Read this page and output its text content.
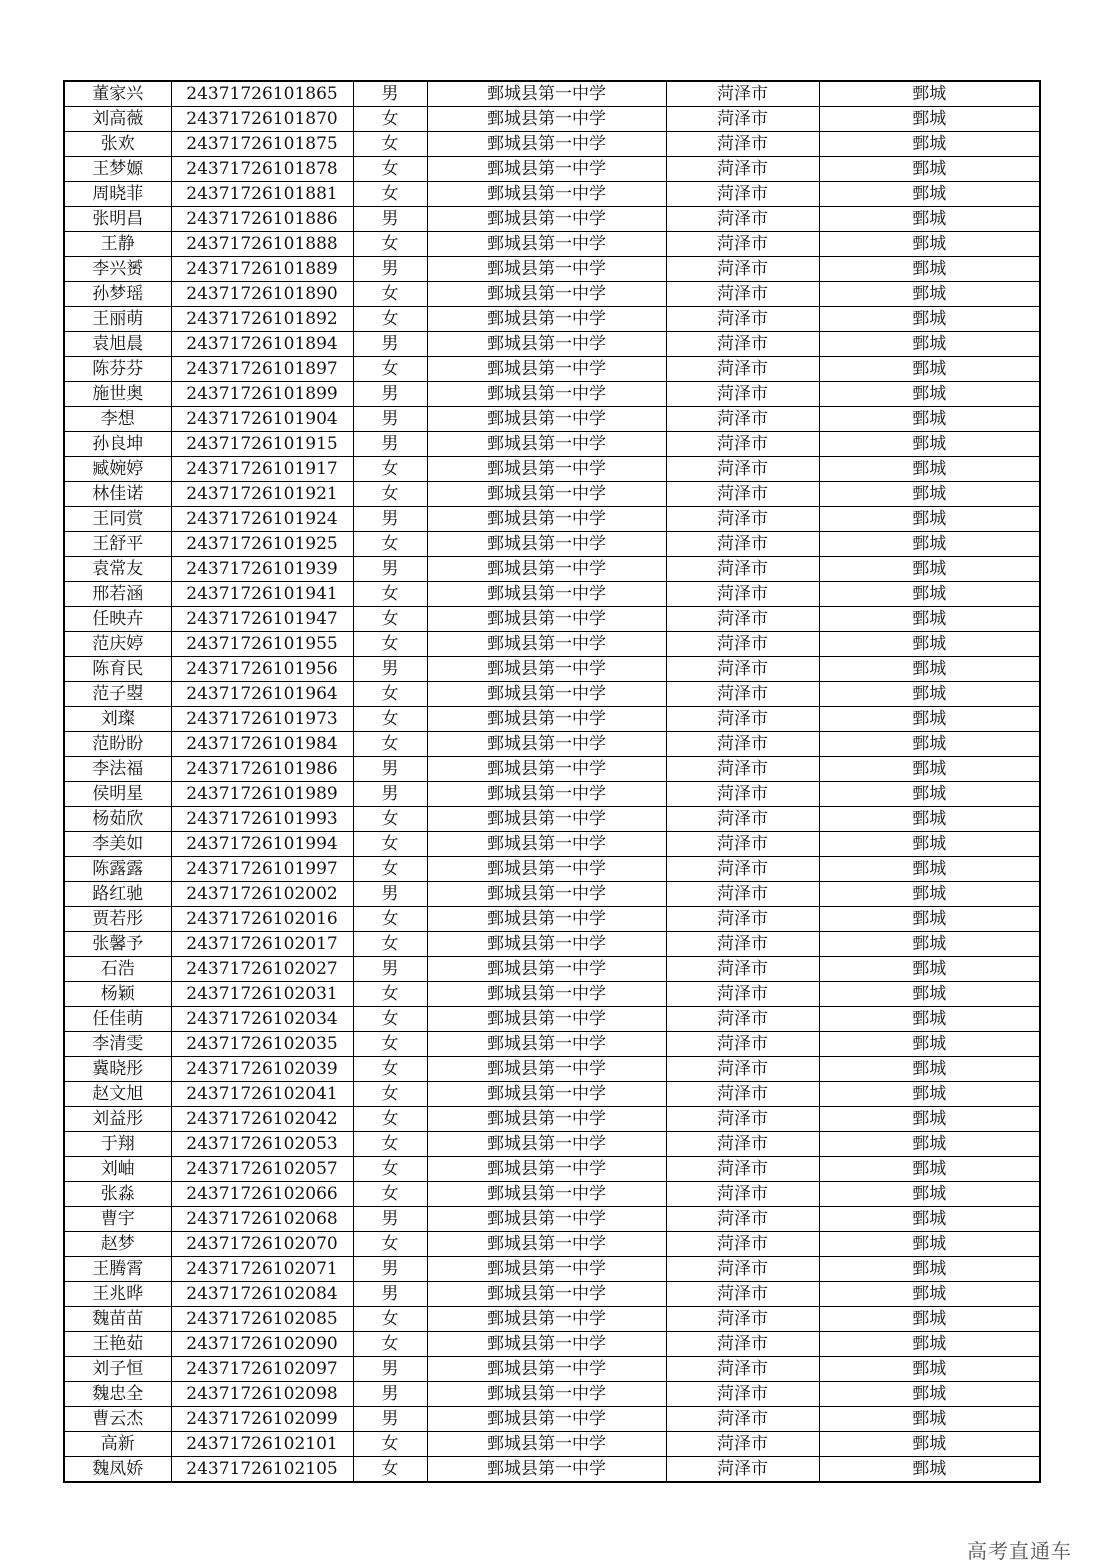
董家兴	24371726101865	男	鄄城县第一中学	菏泽市	鄄城
刘高薇	24371726101870	女	鄄城县第一中学	菏泽市	鄄城
张欢	24371726101875	女	鄄城县第一中学	菏泽市	鄄城
王梦嫄	24371726101878	女	鄄城县第一中学	菏泽市	鄄城
周晓菲	24371726101881	女	鄄城县第一中学	菏泽市	鄄城
张明昌	24371726101886	男	鄄城县第一中学	菏泽市	鄄城
王静	24371726101888	女	鄄城县第一中学	菏泽市	鄄城
李兴赟	24371726101889	男	鄄城县第一中学	菏泽市	鄄城
孙梦瑶	24371726101890	女	鄄城县第一中学	菏泽市	鄄城
王丽萌	24371726101892	女	鄄城县第一中学	菏泽市	鄄城
袁旭晨	24371726101894	男	鄄城县第一中学	菏泽市	鄄城
陈芬芬	24371726101897	女	鄄城县第一中学	菏泽市	鄄城
施世奥	24371726101899	男	鄄城县第一中学	菏泽市	鄄城
李想	24371726101904	男	鄄城县第一中学	菏泽市	鄄城
孙良坤	24371726101915	男	鄄城县第一中学	菏泽市	鄄城
臧婉婷	24371726101917	女	鄄城县第一中学	菏泽市	鄄城
林佳诺	24371726101921	女	鄄城县第一中学	菏泽市	鄄城
王同赏	24371726101924	男	鄄城县第一中学	菏泽市	鄄城
王舒平	24371726101925	女	鄄城县第一中学	菏泽市	鄄城
袁常友	24371726101939	男	鄄城县第一中学	菏泽市	鄄城
邢若涵	24371726101941	女	鄄城县第一中学	菏泽市	鄄城
任映卉	24371726101947	女	鄄城县第一中学	菏泽市	鄄城
范庆婷	24371726101955	女	鄄城县第一中学	菏泽市	鄄城
陈育民	24371726101956	男	鄄城县第一中学	菏泽市	鄄城
范子曌	24371726101964	女	鄄城县第一中学	菏泽市	鄄城
刘璨	24371726101973	女	鄄城县第一中学	菏泽市	鄄城
范盼盼	24371726101984	女	鄄城县第一中学	菏泽市	鄄城
李法福	24371726101986	男	鄄城县第一中学	菏泽市	鄄城
侯明星	24371726101989	男	鄄城县第一中学	菏泽市	鄄城
杨茹欣	24371726101993	女	鄄城县第一中学	菏泽市	鄄城
李美如	24371726101994	女	鄄城县第一中学	菏泽市	鄄城
陈露露	24371726101997	女	鄄城县第一中学	菏泽市	鄄城
路红驰	24371726102002	男	鄄城县第一中学	菏泽市	鄄城
贾若彤	24371726102016	女	鄄城县第一中学	菏泽市	鄄城
张馨予	24371726102017	女	鄄城县第一中学	菏泽市	鄄城
石浩	24371726102027	男	鄄城县第一中学	菏泽市	鄄城
杨颖	24371726102031	女	鄄城县第一中学	菏泽市	鄄城
任佳萌	24371726102034	女	鄄城县第一中学	菏泽市	鄄城
李清雯	24371726102035	女	鄄城县第一中学	菏泽市	鄄城
冀晓彤	24371726102039	女	鄄城县第一中学	菏泽市	鄄城
赵文旭	24371726102041	女	鄄城县第一中学	菏泽市	鄄城
刘益彤	24371726102042	女	鄄城县第一中学	菏泽市	鄄城
于翔	24371726102053	女	鄄城县第一中学	菏泽市	鄄城
刘岫	24371726102057	女	鄄城县第一中学	菏泽市	鄄城
张淼	24371726102066	女	鄄城县第一中学	菏泽市	鄄城
曹宇	24371726102068	男	鄄城县第一中学	菏泽市	鄄城
赵梦	24371726102070	女	鄄城县第一中学	菏泽市	鄄城
王腾霄	24371726102071	男	鄄城县第一中学	菏泽市	鄄城
王兆晔	24371726102084	男	鄄城县第一中学	菏泽市	鄄城
魏苗苗	24371726102085	女	鄄城县第一中学	菏泽市	鄄城
王艳茹	24371726102090	女	鄄城县第一中学	菏泽市	鄄城
刘子恒	24371726102097	男	鄄城县第一中学	菏泽市	鄄城
魏忠全	24371726102098	男	鄄城县第一中学	菏泽市	鄄城
曹云杰	24371726102099	男	鄄城县第一中学	菏泽市	鄄城
高新	24371726102101	女	鄄城县第一中学	菏泽市	鄄城
魏凤娇	24371726102105	女	鄄城县第一中学	菏泽市	鄄城
高考直通车
